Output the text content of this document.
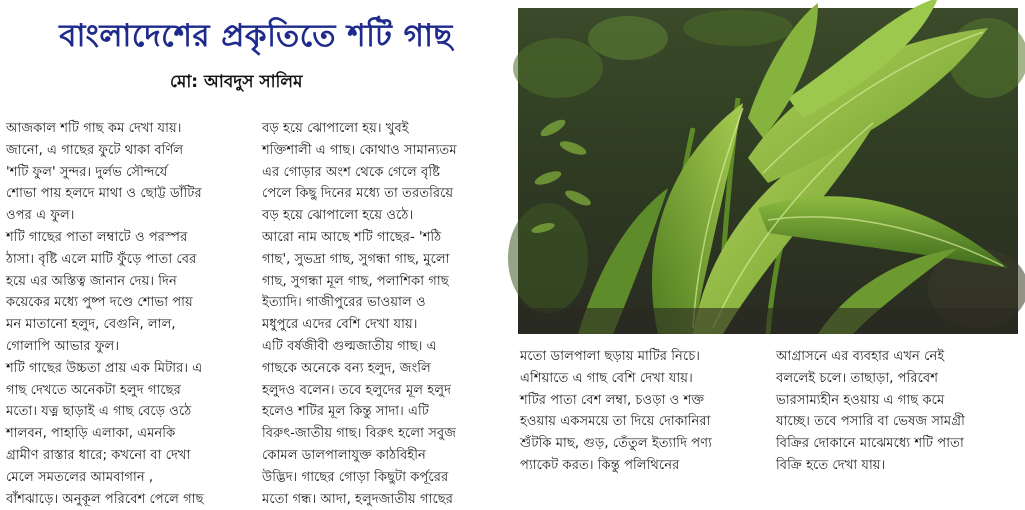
বাংলাদেশের প্রকৃতিতে শটি গাছ
মো: আবদুস সালিম
আজকাল শটি গাছ কম দেখা যায়।
জানো, এ গাছের ফুটে থাকা বর্ণিল
'শটি ফুল' সুন্দর। দুর্লভ সৌন্দর্যে
শোভা পায় হলদে মাথা ও ছোট্ট ডাঁটির
ওপর এ ফুল।
শটি গাছের পাতা লম্বাটে ও পরস্পর
ঠাসা। বৃষ্টি এলে মাটি ফুঁড়ে পাতা বের
হয়ে এর অস্তিত্ব জানান দেয়। দিন
কয়েকের মধ্যে পুষ্প দণ্ডে শোভা পায়
মন মাতানো হলুদ, বেগুনি, লাল,
গোলাপি আভার ফুল।
শটি গাছের উচ্চতা প্রায় এক মিটার। এ
গাছ দেখতে অনেকটা হলুদ গাছের
মতো। যত্ন ছাড়াই এ গাছ বেড়ে ওঠে
শালবন, পাহাড়ি এলাকা, এমনকি
গ্রামীণ রাস্তার ধারে; কখনো বা দেখা
মেলে সমতলের আমবাগান ,
বাঁশঝাড়ে। অনুকূল পরিবেশ পেলে গাছ
বড় হয়ে ঝোপালো হয়। খুবই
শক্তিশালী এ গাছ। কোথাও সামান্যতম
এর গোড়ার অংশ থেকে গেলে বৃষ্টি
পেলে কিছু দিনের মধ্যে তা তরতরিয়ে
বড় হয়ে ঝোপালো হয়ে ওঠে।
আরো নাম আছে শটি গাছের- 'শঠি
গাছ', সুভদ্রা গাছ, সুগন্ধা গাছ, মুলো
গাছ, সুগন্ধা মূল গাছ, পলাশিকা গাছ
ইত্যাদি। গাজীপুরের ভাওয়াল ও
মধুপুরে এদের বেশি দেখা যায়।
এটি বর্ষজীবী গুল্মজাতীয় গাছ। এ
গাছকে অনেকে বন্য হলুদ, জংলি
হলুদও বলেন। তবে হলুদের মূল হলুদ
হলেও শটির মূল কিন্তু সাদা। এটি
বিরুৎ-জাতীয় গাছ। বিরুৎ হলো সবুজ
কোমল ডালপালাযুক্ত কাঠবিহীন
উদ্ভিদ। গাছের গোড়া কিছুটা কর্পূরের
মতো গন্ধ। আদা, হলুদজাতীয় গাছের
মতো ডালপালা ছড়ায় মাটির নিচে।
এশিয়াতে এ গাছ বেশি দেখা যায়।
শটির পাতা বেশ লম্বা, চওড়া ও শক্ত
হওয়ায় একসময়ে তা দিয়ে দোকানিরা
শুঁটকি মাছ, গুড়, তেঁতুল ইত্যাদি পণ্য
প্যাকেট করত। কিন্তু পলিথিনের
আগ্রাসনে এর ব্যবহার এখন নেই
বললেই চলে। তাছাড়া, পরিবেশ
ভারসাম্যহীন হওয়ায় এ গাছ কমে
যাচ্ছে। তবে পসারি বা ভেষজ সামগ্রী
বিক্রির দোকানে মাঝেমধ্যে শটি পাতা
বিক্রি হতে দেখা যায়।
